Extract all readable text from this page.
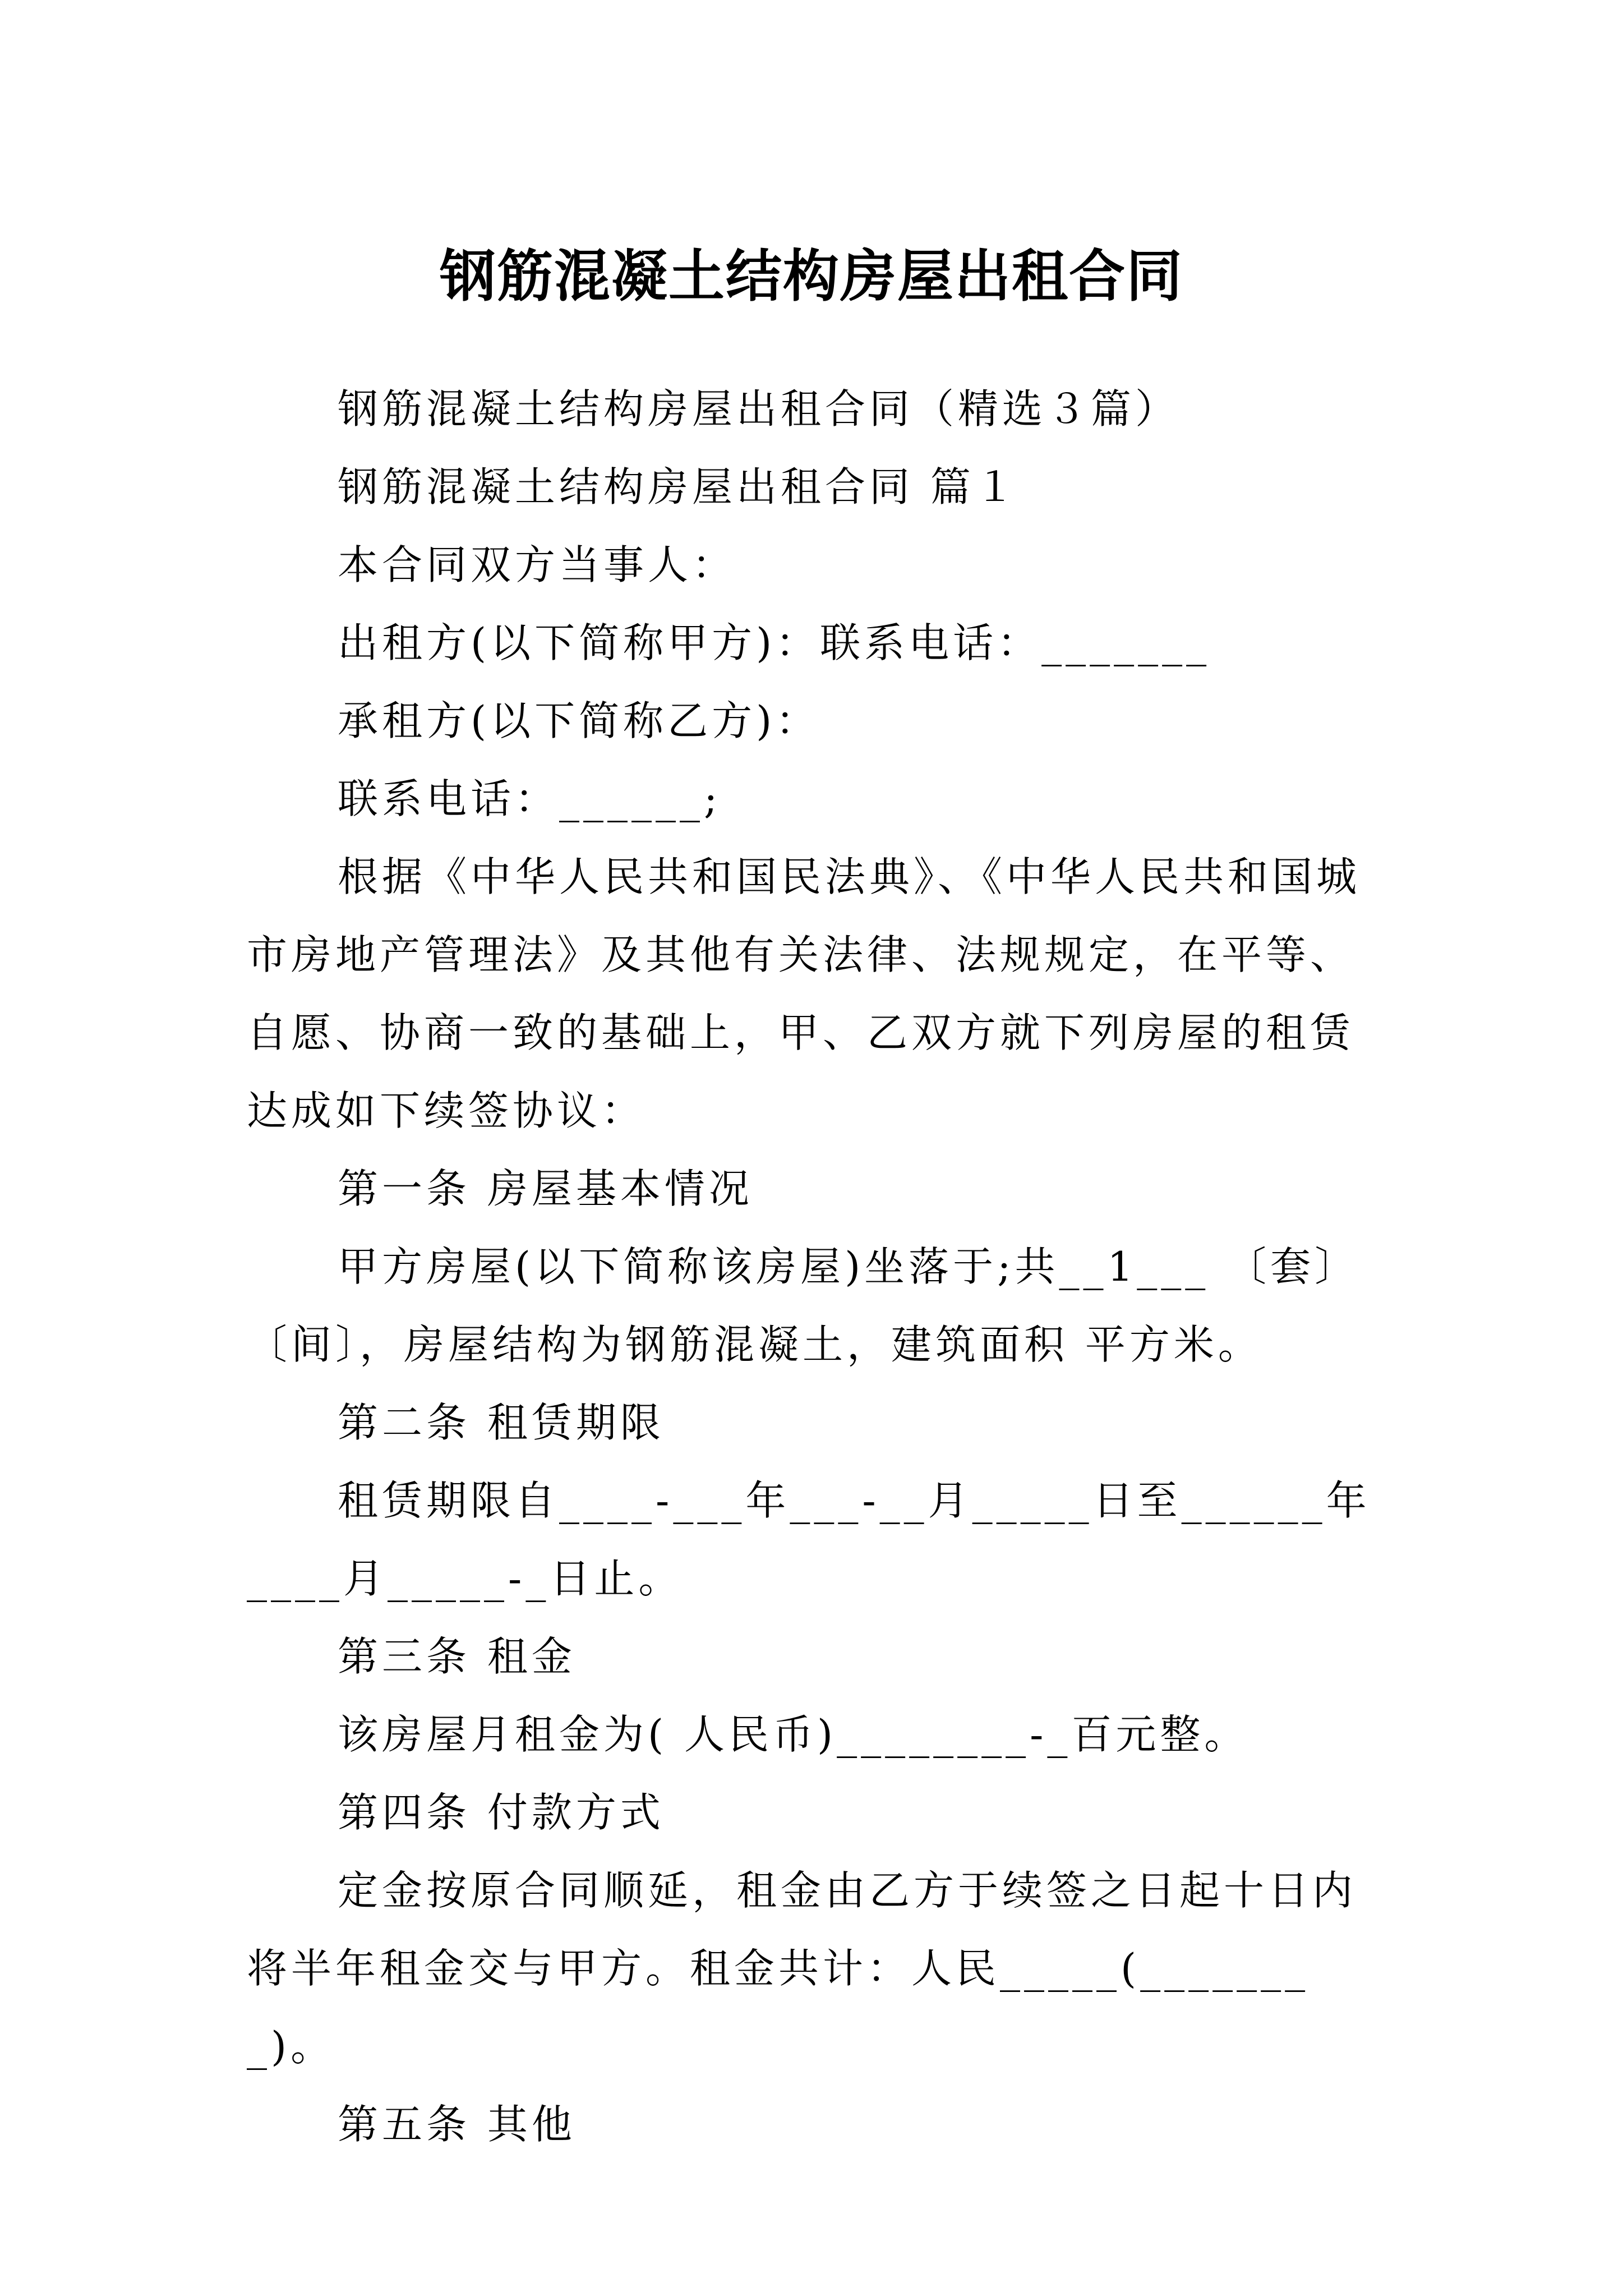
钢筋混凝土结构房屋出租合同

钢筋混凝土结构房屋出租合同（精选３篇）

钢筋混凝土结构房屋出租合同 篇１

本合同双方当事人：

出租方(以下简称甲方)：联系电话：_______

承租方(以下简称乙方)：

联系电话：______;

根据《中华人民共和国民法典》、《中华人民共和国城市房地产管理法》及其他有关法律、法规规定，在平等、自愿、协商一致的基础上，甲、乙双方就下列房屋的租赁达成如下续签协议：

第一条 房屋基本情况

甲方房屋(以下简称该房屋)坐落于;共__1___ 〔套〕〔间〕，房屋结构为钢筋混凝土，建筑面积 平方米。

第二条 租赁期限

租赁期限自____-___年___-__月_____日至______年____月_____-_日止。

第三条 租金

该房屋月租金为( 人民币)________-_百元整。

第四条 付款方式

定金按原合同顺延，租金由乙方于续签之日起十日内将半年租金交与甲方。租金共计：人民_____(________)。

第五条 其他
